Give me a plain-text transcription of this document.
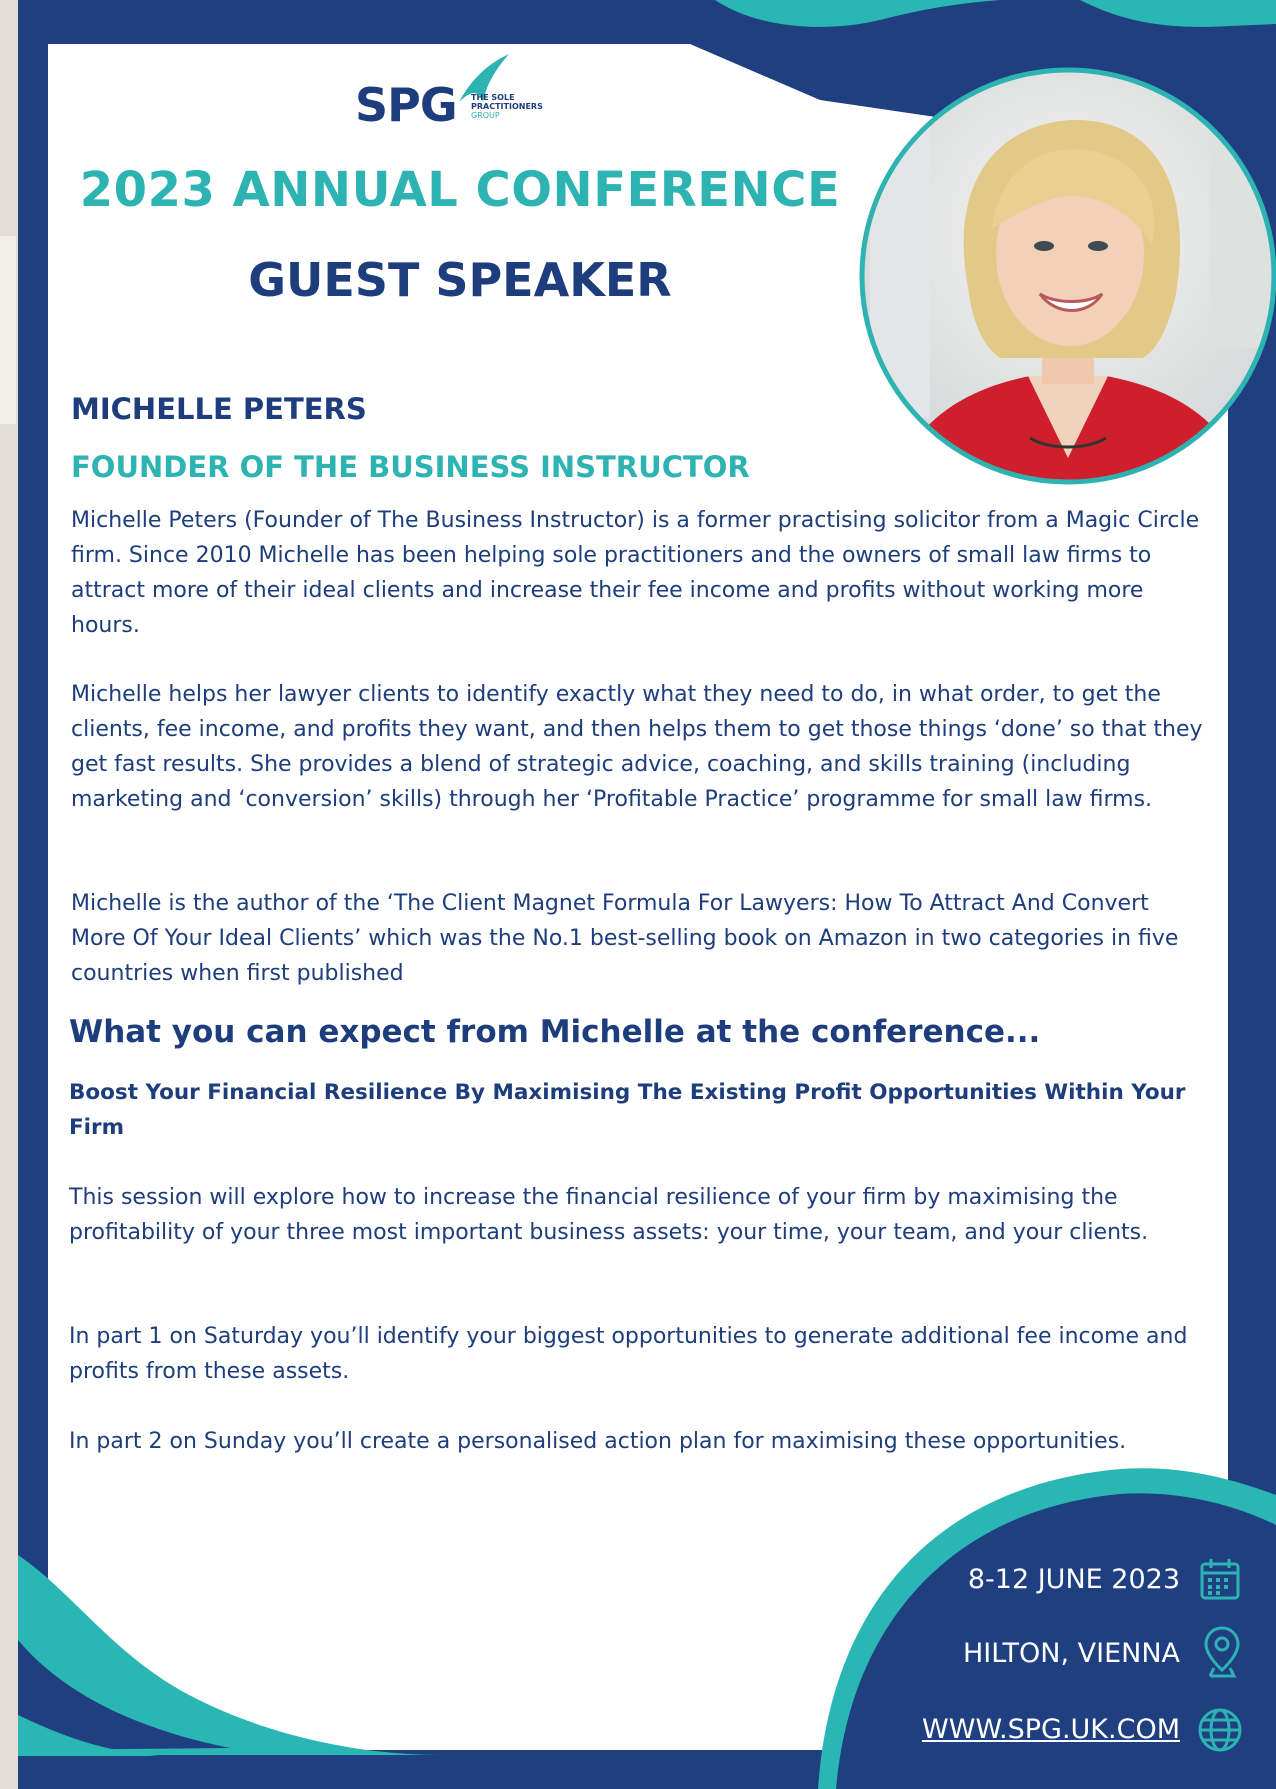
SPG THE SOLE
PRACTITIONERS
GROUP
2023 ANNUAL CONFERENCE
GUEST SPEAKER
MICHELLE PETERS
FOUNDER OF THE BUSINESS INSTRUCTOR

Michelle Peters (Founder of The Business Instructor) is a former practising solicitor from a Magic Circle firm. Since 2010 Michelle has been helping sole practitioners and the owners of small law firms to attract more of their ideal clients and increase their fee income and profits without working more hours.

Michelle helps her lawyer clients to identify exactly what they need to do, in what order, to get the clients, fee income, and profits they want, and then helps them to get those things ‘done’ so that they get fast results. She provides a blend of strategic advice, coaching, and skills training (including marketing and ‘conversion’ skills) through her ‘Profitable Practice’ programme for small law firms.

Michelle is the author of the ‘The Client Magnet Formula For Lawyers: How To Attract And Convert More Of Your Ideal Clients’ which was the No.1 best-selling book on Amazon in two categories in five countries when first published

What you can expect from Michelle at the conference...

Boost Your Financial Resilience By Maximising The Existing Profit Opportunities Within Your Firm

This session will explore how to increase the financial resilience of your firm by maximising the profitability of your three most important business assets: your time, your team, and your clients.

In part 1 on Saturday you’ll identify your biggest opportunities to generate additional fee income and profits from these assets.

In part 2 on Sunday you’ll create a personalised action plan for maximising these opportunities.

8-12 JUNE 2023
HILTON, VIENNA
WWW.SPG.UK.COM
